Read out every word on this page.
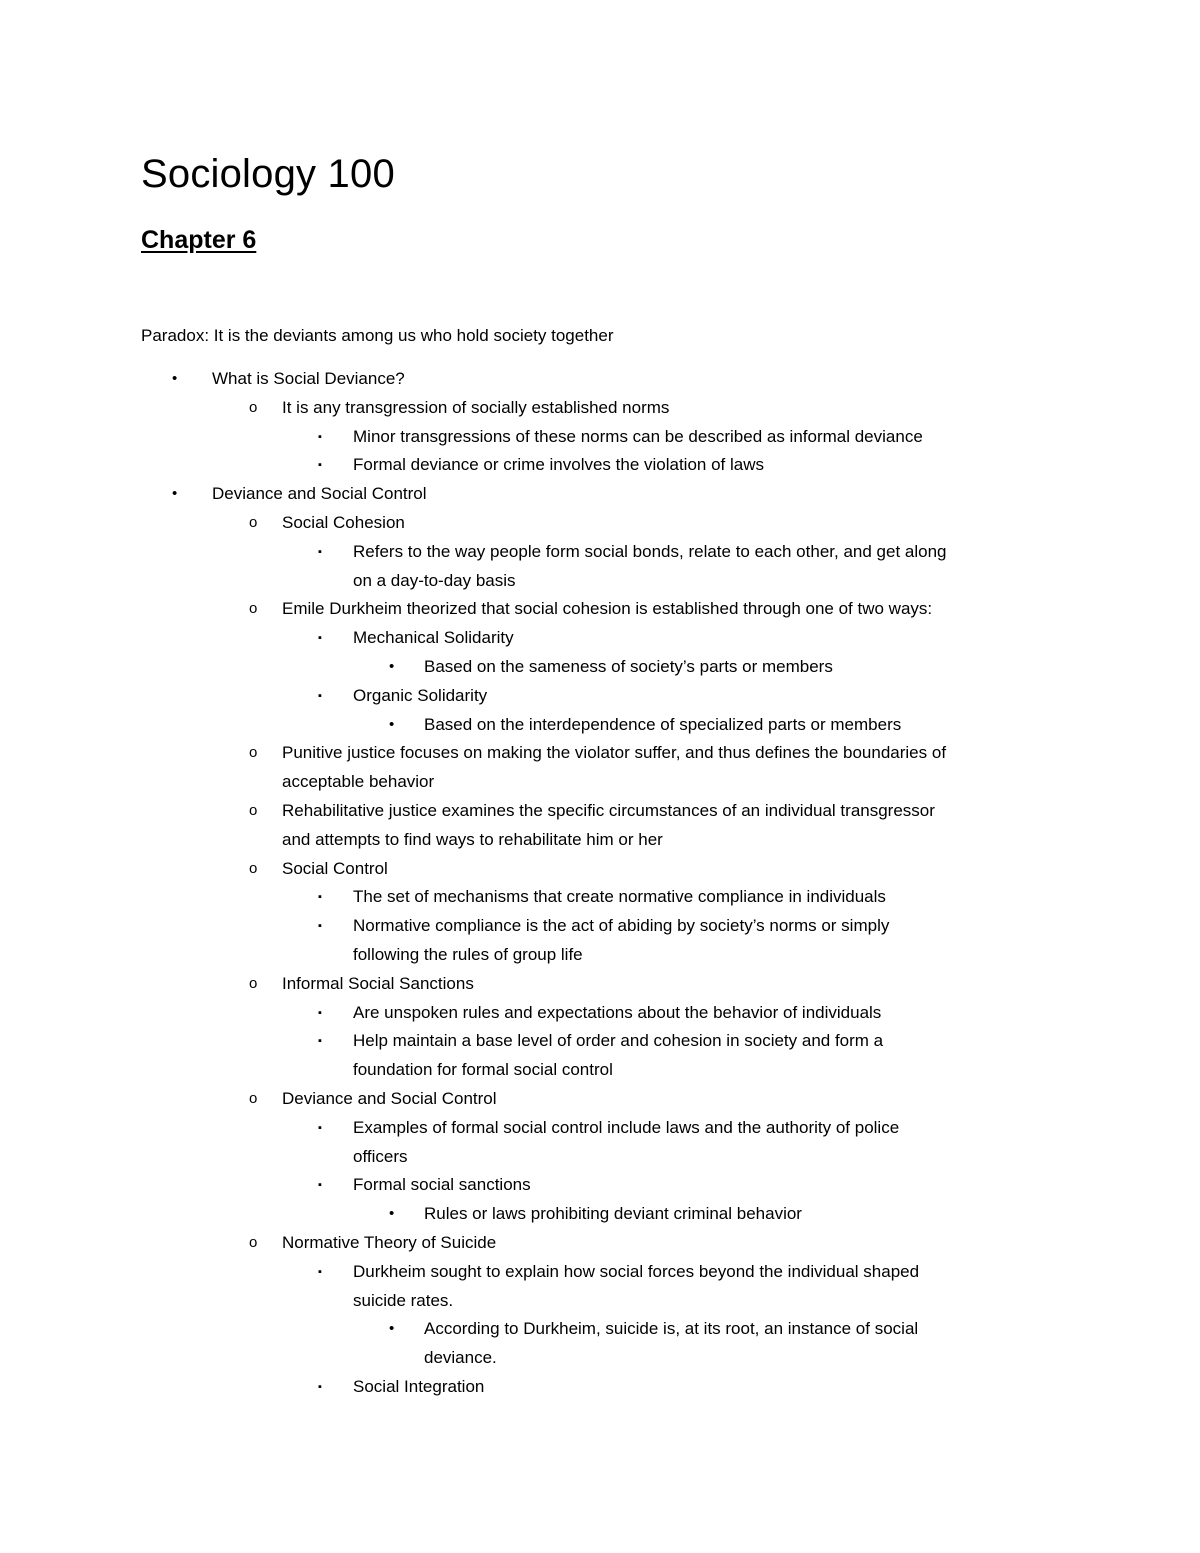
Sociology 100
Chapter 6
Paradox: It is the deviants among us who hold society together
• What is Social Deviance?
o It is any transgression of socially established norms
▪ Minor transgressions of these norms can be described as informal deviance
▪ Formal deviance or crime involves the violation of laws
• Deviance and Social Control
o Social Cohesion
▪ Refers to the way people form social bonds, relate to each other, and get along
on a day-to-day basis
o Emile Durkheim theorized that social cohesion is established through one of two ways:
▪ Mechanical Solidarity
• Based on the sameness of society’s parts or members
▪ Organic Solidarity
• Based on the interdependence of specialized parts or members
o Punitive justice focuses on making the violator suffer, and thus defines the boundaries of
acceptable behavior
o Rehabilitative justice examines the specific circumstances of an individual transgressor
and attempts to find ways to rehabilitate him or her
o Social Control
▪ The set of mechanisms that create normative compliance in individuals
▪ Normative compliance is the act of abiding by society’s norms or simply
following the rules of group life
o Informal Social Sanctions
▪ Are unspoken rules and expectations about the behavior of individuals
▪ Help maintain a base level of order and cohesion in society and form a
foundation for formal social control
o Deviance and Social Control
▪ Examples of formal social control include laws and the authority of police
officers
▪ Formal social sanctions
• Rules or laws prohibiting deviant criminal behavior
o Normative Theory of Suicide
▪ Durkheim sought to explain how social forces beyond the individual shaped
suicide rates.
• According to Durkheim, suicide is, at its root, an instance of social
deviance.
▪ Social Integration
